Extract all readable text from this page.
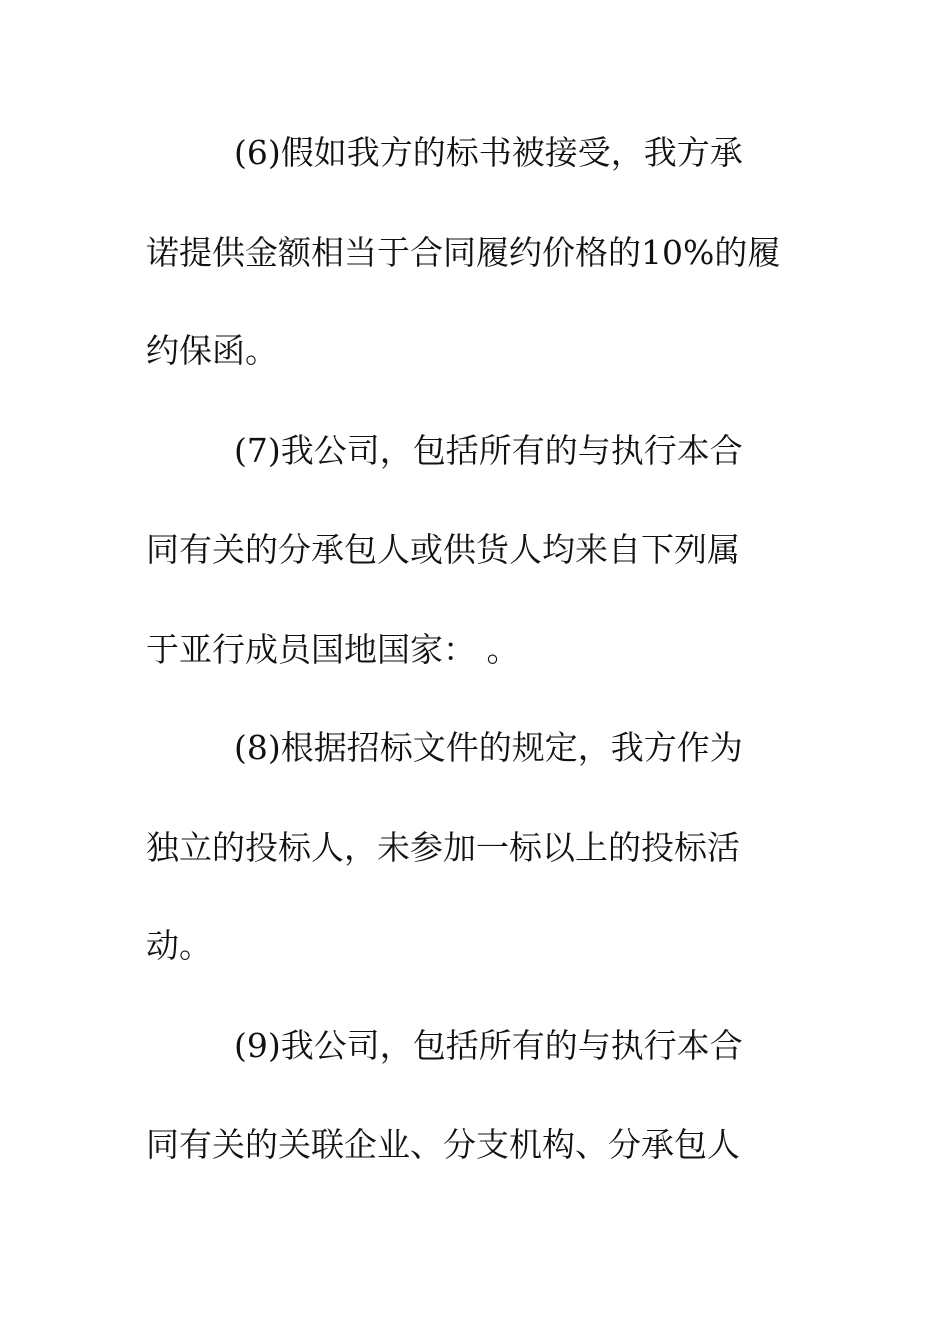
(6)假如我方的标书被接受，我方承

诺提供金额相当于合同履约价格的10%的履

约保函。

(7)我公司，包括所有的与执行本合

同有关的分承包人或供货人均来自下列属

于亚行成员国地国家： 。

(8)根据招标文件的规定，我方作为

独立的投标人，未参加一标以上的投标活

动。

(9)我公司，包括所有的与执行本合

同有关的关联企业、分支机构、分承包人
